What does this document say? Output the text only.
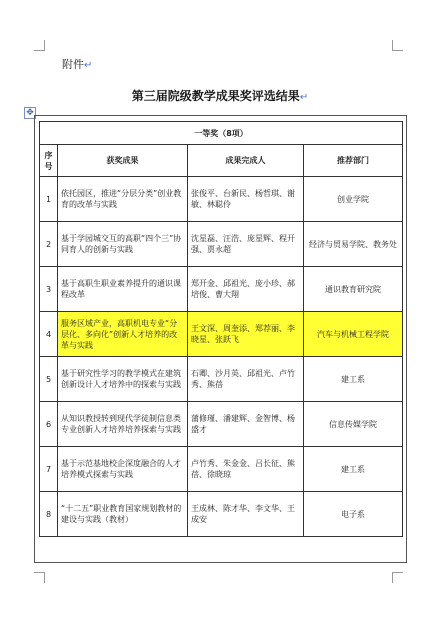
附件↵
第三届院级教学成果奖评选结果↵
✥
一等奖（8项）			
序号	获奖成果	成果完成人	推荐部门
1	依托园区，推进“分层分类”创业教育的改革与实践	张俊平、台新民、杨哲琪、谢敏、林聪伶	创业学院
2	基于学园城交互的高职“四个三”协同育人的创新与实践	沈星磊、汪浩、庞星辉、程开强、贾永超	经济与贸易学院、教务处
3	基于高职生职业素养提升的通识课程改革	郑开金、邱祖光、庞小珍、郝培俊、曹大翔	通识教育研究院
4	服务区域产业，高职机电专业“分层化、多向化”创新人才培养的改革与实践	王文深、周奎添、郑荐丽、李晓星、张跃飞	汽车与机械工程学院
5	基于研究性学习的教学模式在建筑创新设计人才培养中的探索与实践	石卿、沙月英、邱祖光、卢竹秀、熊蓓	建工系
6	从知识教授转到现代学徒制信息类专业创新人才培养培养探索与实践	蒲修瑾、潘建辉、金智博、杨盛才	信息传媒学院
7	基于示范基地校企深度融合的人才培养模式探索与实践	卢竹秀、朱金金、吕长征、熊蓓、徐晓琼	建工系
8	“十二五”职业教育国家规划教材的建设与实践（教材）	王成林、陈才华、李文华、王成安	电子系
